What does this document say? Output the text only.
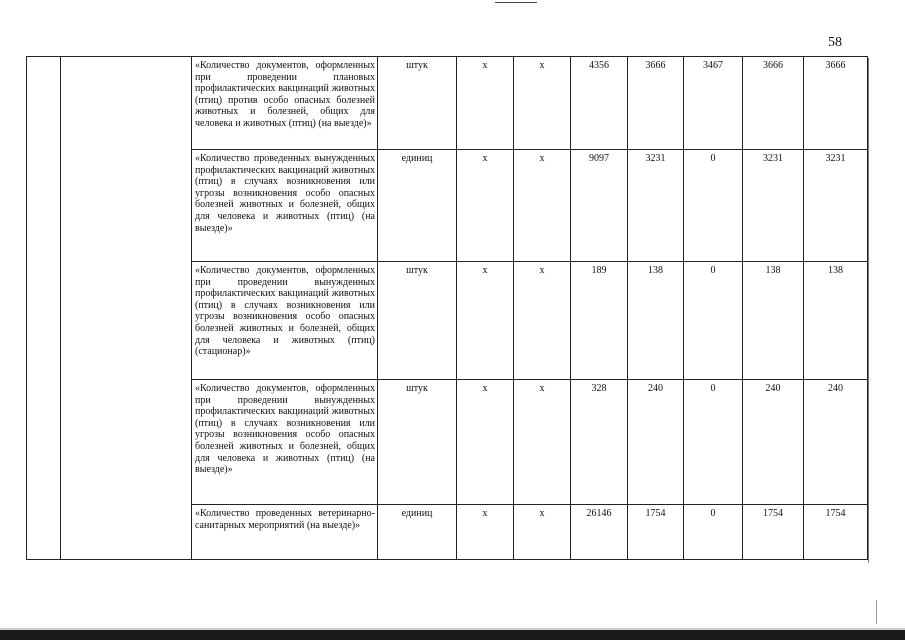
58
		«Количество документов, оформленных при проведении плановых профилактических вакцинаций животных (птиц) против особо опасных болезней животных и болезней, общих для человека и животных (птиц) (на выезде)»	штук	х	х	4356	3666	3467	3666	3666
		«Количество проведенных вынужденных профилактических вакцинаций животных (птиц) в случаях возникновения или угрозы возникновения особо опасных болезней животных и болезней, общих для человека и животных (птиц) (на выезде)»	единиц	х	х	9097	3231	0	3231	3231
		«Количество документов, оформленных при проведении вынужденных профилактических вакцинаций животных (птиц) в случаях возникновения или угрозы возникновения особо опасных болезней животных и болезней, общих для человека и животных (птиц) (стационар)»	штук	х	х	189	138	0	138	138
		«Количество документов, оформленных при проведении вынужденных профилактических вакцинаций животных (птиц) в случаях возникновения или угрозы возникновения особо опасных болезней животных и болезней, общих для человека и животных (птиц) (на выезде)»	штук	х	х	328	240	0	240	240
		«Количество проведенных ветеринарно-санитарных мероприятий (на выезде)»	единиц	х	х	26146	1754	0	1754	1754
